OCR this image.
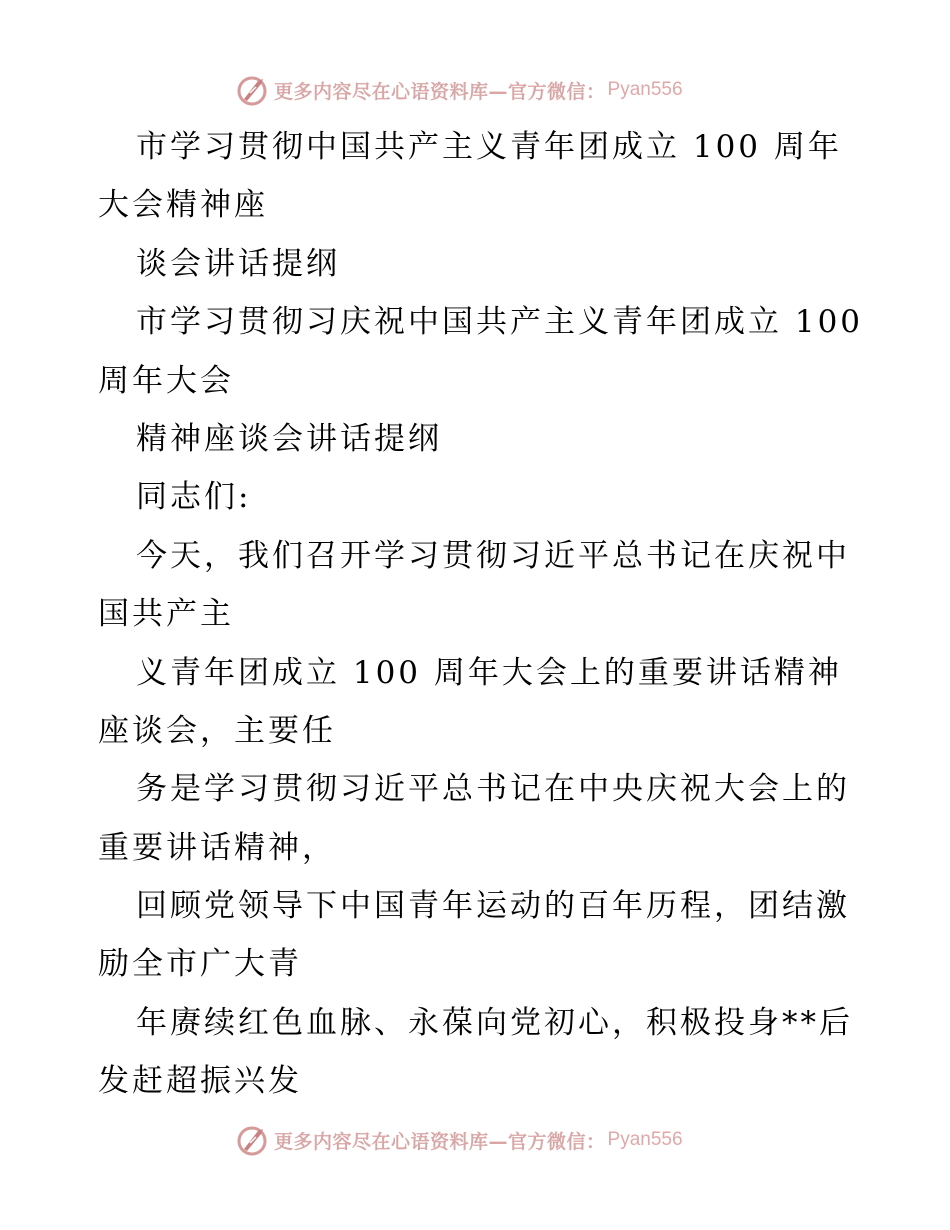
更多内容尽在心语资料库—官方微信： Pyan556
市学习贯彻中国共产主义青年团成立 100 周年
大会精神座
谈会讲话提纲
市学习贯彻习庆祝中国共产主义青年团成立 100
周年大会
精神座谈会讲话提纲
同志们:
今天，我们召开学习贯彻习近平总书记在庆祝中
国共产主
义青年团成立 100 周年大会上的重要讲话精神
座谈会，主要任
务是学习贯彻习近平总书记在中央庆祝大会上的
重要讲话精神，
回顾党领导下中国青年运动的百年历程，团结激
励全市广大青
年赓续红色血脉、永葆向党初心，积极投身**后
发赶超振兴发
更多内容尽在心语资料库—官方微信： Pyan556
